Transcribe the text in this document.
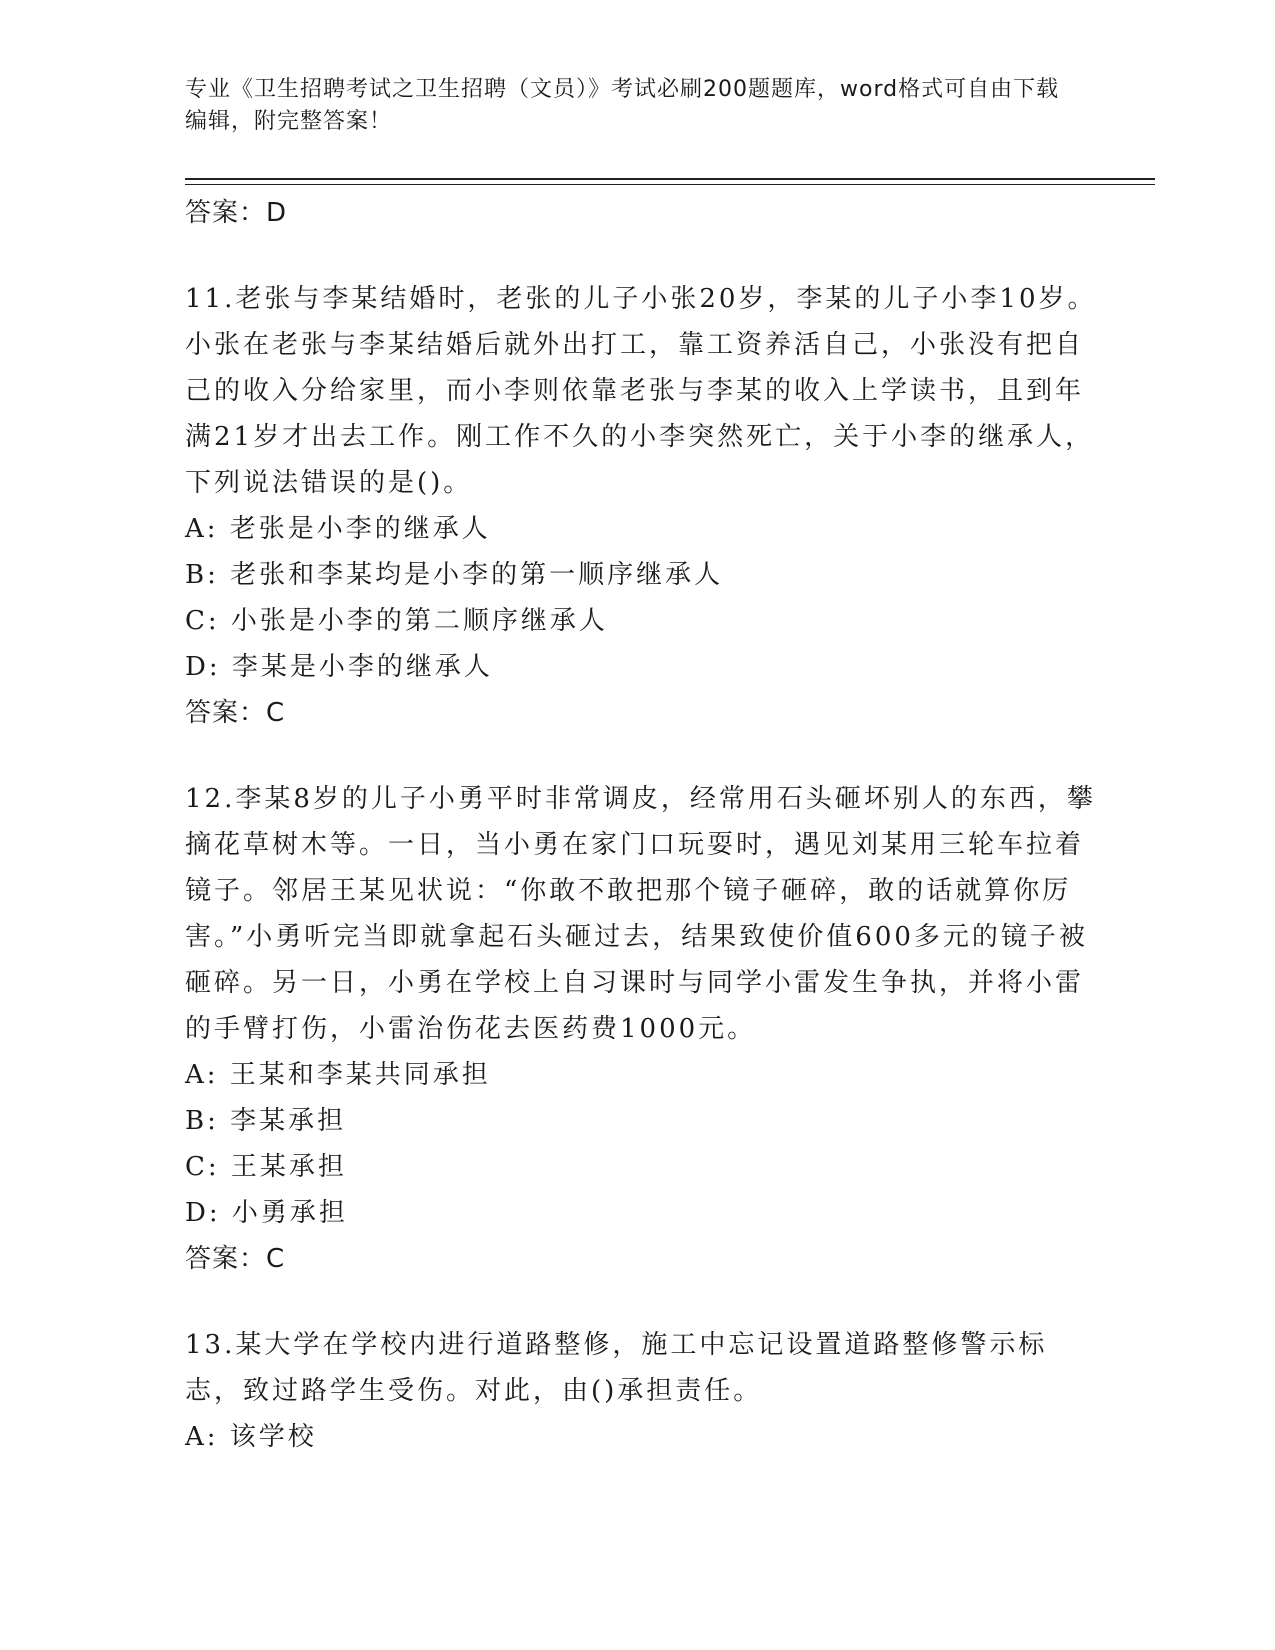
专业《卫生招聘考试之卫生招聘（文员）》考试必刷200题题库，word格式可自由下载编辑，附完整答案！
答案：D
11.老张与李某结婚时，老张的儿子小张20岁，李某的儿子小李10岁。小张在老张与李某结婚后就外出打工，靠工资养活自己，小张没有把自己的收入分给家里，而小李则依靠老张与李某的收入上学读书，且到年满21岁才出去工作。刚工作不久的小李突然死亡，关于小李的继承人，下列说法错误的是()。
A: 老张是小李的继承人
B: 老张和李某均是小李的第一顺序继承人
C: 小张是小李的第二顺序继承人
D: 李某是小李的继承人
答案：C
12.李某8岁的儿子小勇平时非常调皮，经常用石头砸坏别人的东西，攀摘花草树木等。一日，当小勇在家门口玩耍时，遇见刘某用三轮车拉着镜子。邻居王某见状说：“你敢不敢把那个镜子砸碎，敢的话就算你厉害。”小勇听完当即就拿起石头砸过去，结果致使价值600多元的镜子被砸碎。另一日，小勇在学校上自习课时与同学小雷发生争执，并将小雷的手臂打伤，小雷治伤花去医药费1000元。
A: 王某和李某共同承担
B: 李某承担
C: 王某承担
D: 小勇承担
答案：C
13.某大学在学校内进行道路整修，施工中忘记设置道路整修警示标志，致过路学生受伤。对此，由()承担责任。
A: 该学校
